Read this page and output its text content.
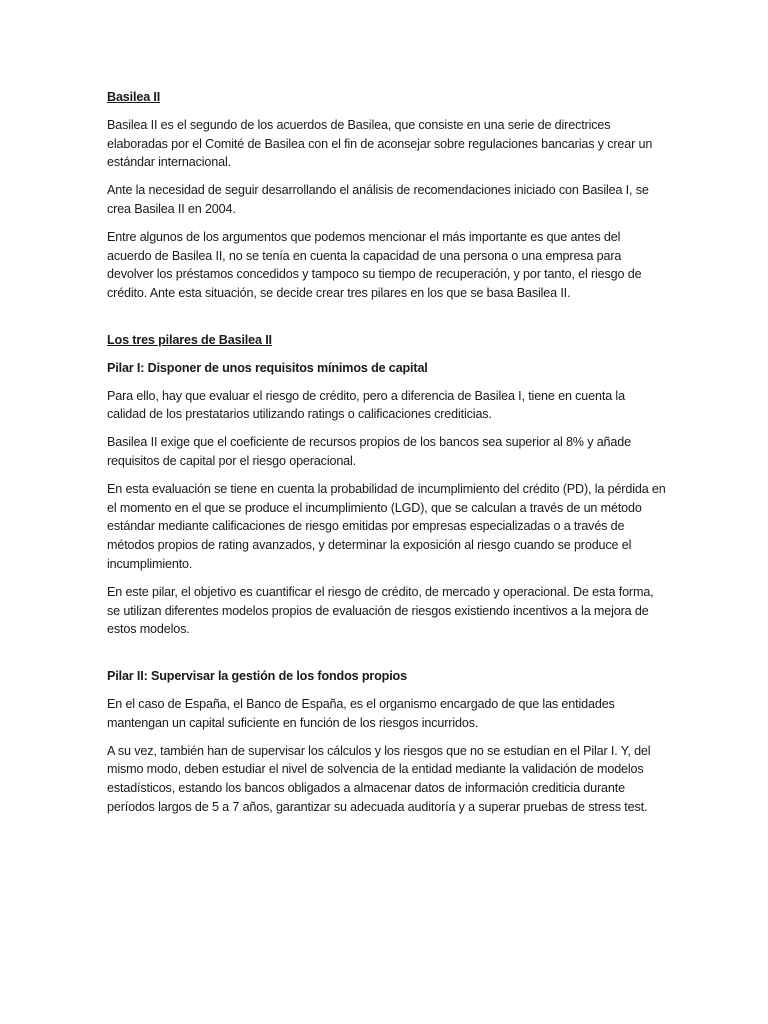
Basilea II

Basilea II es el segundo de los acuerdos de Basilea, que consiste en una serie de directrices elaboradas por el Comité de Basilea con el fin de aconsejar sobre regulaciones bancarias y crear un estándar internacional.

Ante la necesidad de seguir desarrollando el análisis de recomendaciones iniciado con Basilea I, se crea Basilea II en 2004.

Entre algunos de los argumentos que podemos mencionar el más importante es que antes del acuerdo de Basilea II, no se tenía en cuenta la capacidad de una persona o una empresa para devolver los préstamos concedidos y tampoco su tiempo de recuperación, y por tanto, el riesgo de crédito. Ante esta situación, se decide crear tres pilares en los que se basa Basilea II.

Los tres pilares de Basilea II
Pilar I: Disponer de unos requisitos mínimos de capital

Para ello, hay que evaluar el riesgo de crédito, pero a diferencia de Basilea I, tiene en cuenta la calidad de los prestatarios utilizando ratings o calificaciones crediticias.

Basilea II exige que el coeficiente de recursos propios de los bancos sea superior al 8% y añade requisitos de capital por el riesgo operacional.

En esta evaluación se tiene en cuenta la probabilidad de incumplimiento del crédito (PD), la pérdida en el momento en el que se produce el incumplimiento (LGD), que se calculan a través de un método estándar mediante calificaciones de riesgo emitidas por empresas especializadas o a través de métodos propios de rating avanzados, y determinar la exposición al riesgo cuando se produce el incumplimiento.

En este pilar, el objetivo es cuantificar el riesgo de crédito, de mercado y operacional. De esta forma, se utilizan diferentes modelos propios de evaluación de riesgos existiendo incentivos a la mejora de estos modelos.

Pilar II: Supervisar la gestión de los fondos propios

En el caso de España, el Banco de España, es el organismo encargado de que las entidades mantengan un capital suficiente en función de los riesgos incurridos.

A su vez, también han de supervisar los cálculos y los riesgos que no se estudian en el Pilar I. Y, del mismo modo, deben estudiar el nivel de solvencia de la entidad mediante la validación de modelos estadísticos, estando los bancos obligados a almacenar datos de información crediticia durante períodos largos de 5 a 7 años, garantizar su adecuada auditoría y a superar pruebas de stress test.
